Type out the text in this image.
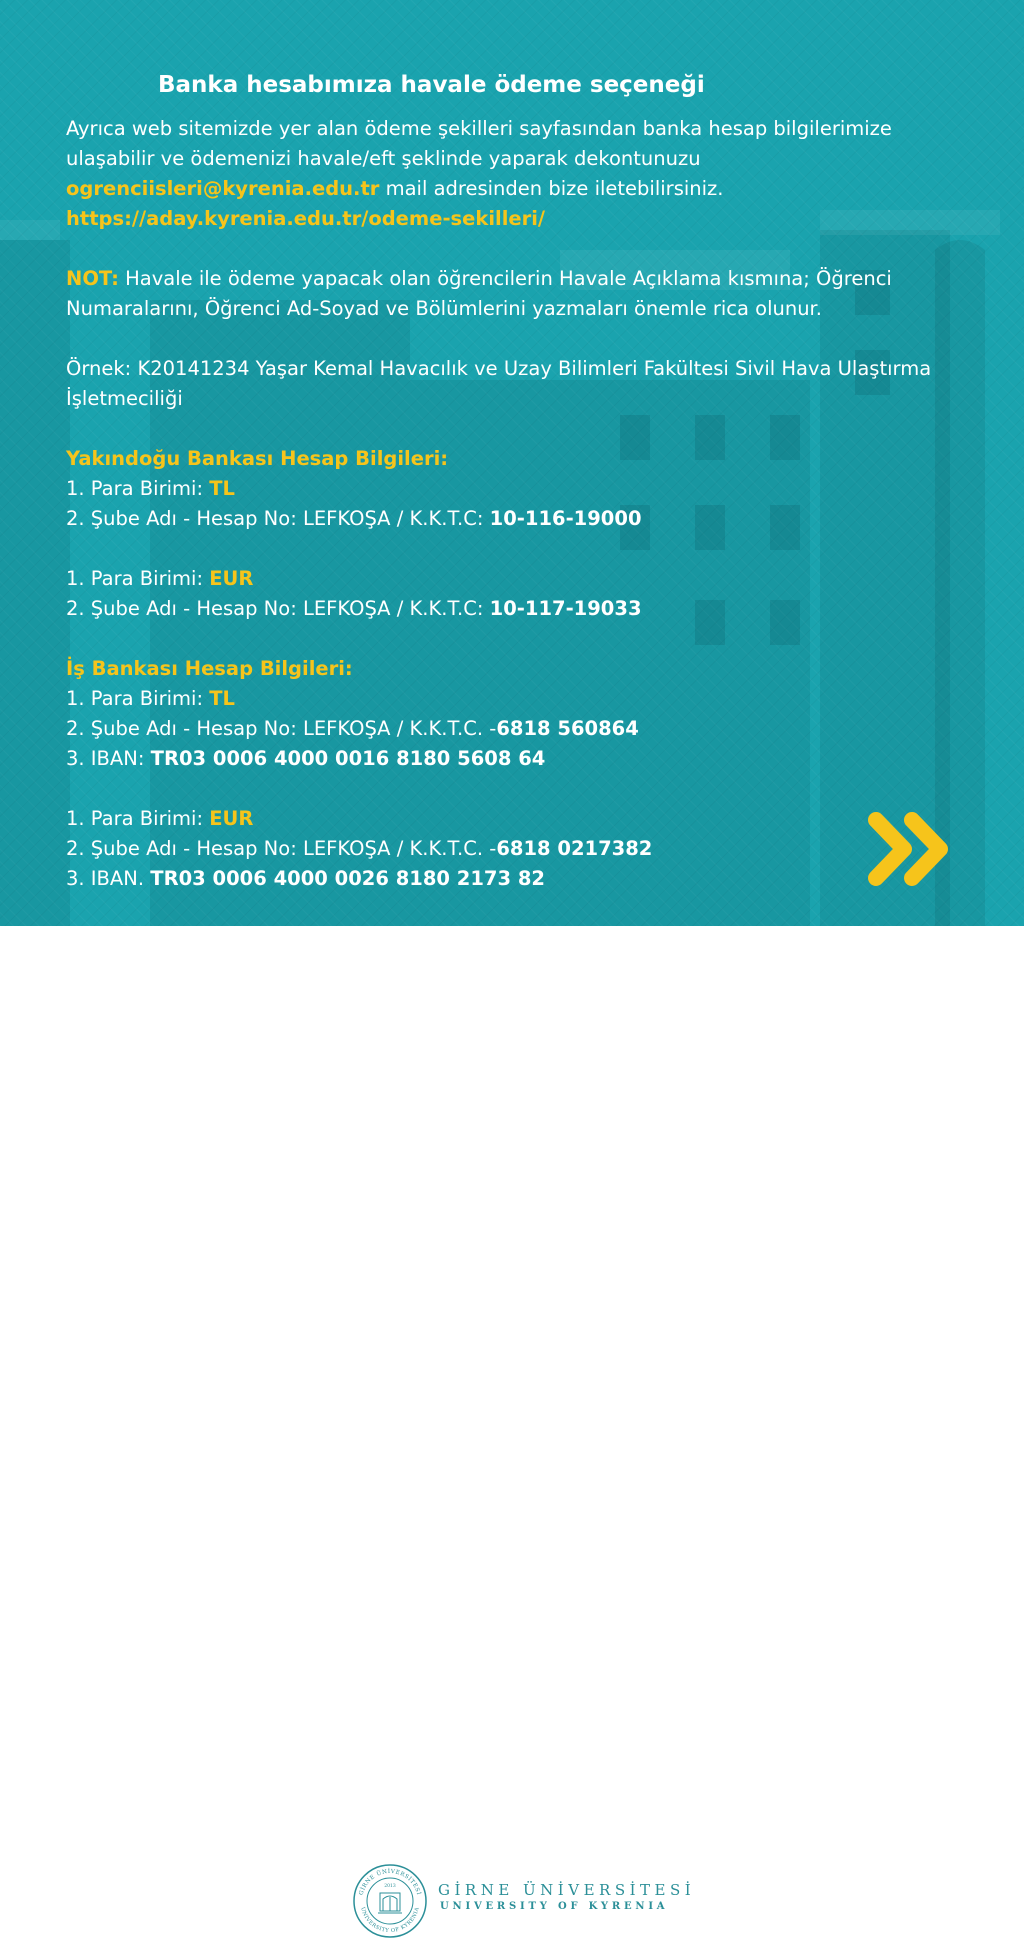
Banka hesabımıza havale ödeme seçeneği

Ayrıca web sitemizde yer alan ödeme şekilleri sayfasından banka hesap bilgilerimize ulaşabilir ve ödemenizi havale/eft şeklinde yaparak dekontunuzu ogrenciisleri@kyrenia.edu.tr mail adresinden bize iletebilirsiniz. https://aday.kyrenia.edu.tr/odeme-sekilleri/

NOT: Havale ile ödeme yapacak olan öğrencilerin Havale Açıklama kısmına; Öğrenci Numaralarını, Öğrenci Ad-Soyad ve Bölümlerini yazmaları önemle rica olunur.

Örnek: K20141234 Yaşar Kemal Havacılık ve Uzay Bilimleri Fakültesi Sivil Hava Ulaştırma İşletmeciliği

Yakındoğu Bankası Hesap Bilgileri:

1. Para Birimi: TL

2. Şube Adı - Hesap No: LEFKOŞA / K.K.T.C: 10-116-19000

1. Para Birimi: EUR

2. Şube Adı - Hesap No: LEFKOŞA / K.K.T.C: 10-117-19033

İş Bankası Hesap Bilgileri:

1. Para Birimi: TL

2. Şube Adı - Hesap No: LEFKOŞA / K.K.T.C. -6818 560864

3. IBAN: TR03 0006 4000 0016 8180 5608 64

1. Para Birimi: EUR

2. Şube Adı - Hesap No: LEFKOŞA / K.K.T.C. -6818 0217382

3. IBAN. TR03 0006 4000 0026 8180 2173 82

GİRNE ÜNİVERSİTESİ
UNIVERSITY OF KYRENIA
2013	GİRNE ÜNİVERSİTESİ
UNIVERSITY OF KYRENIA
